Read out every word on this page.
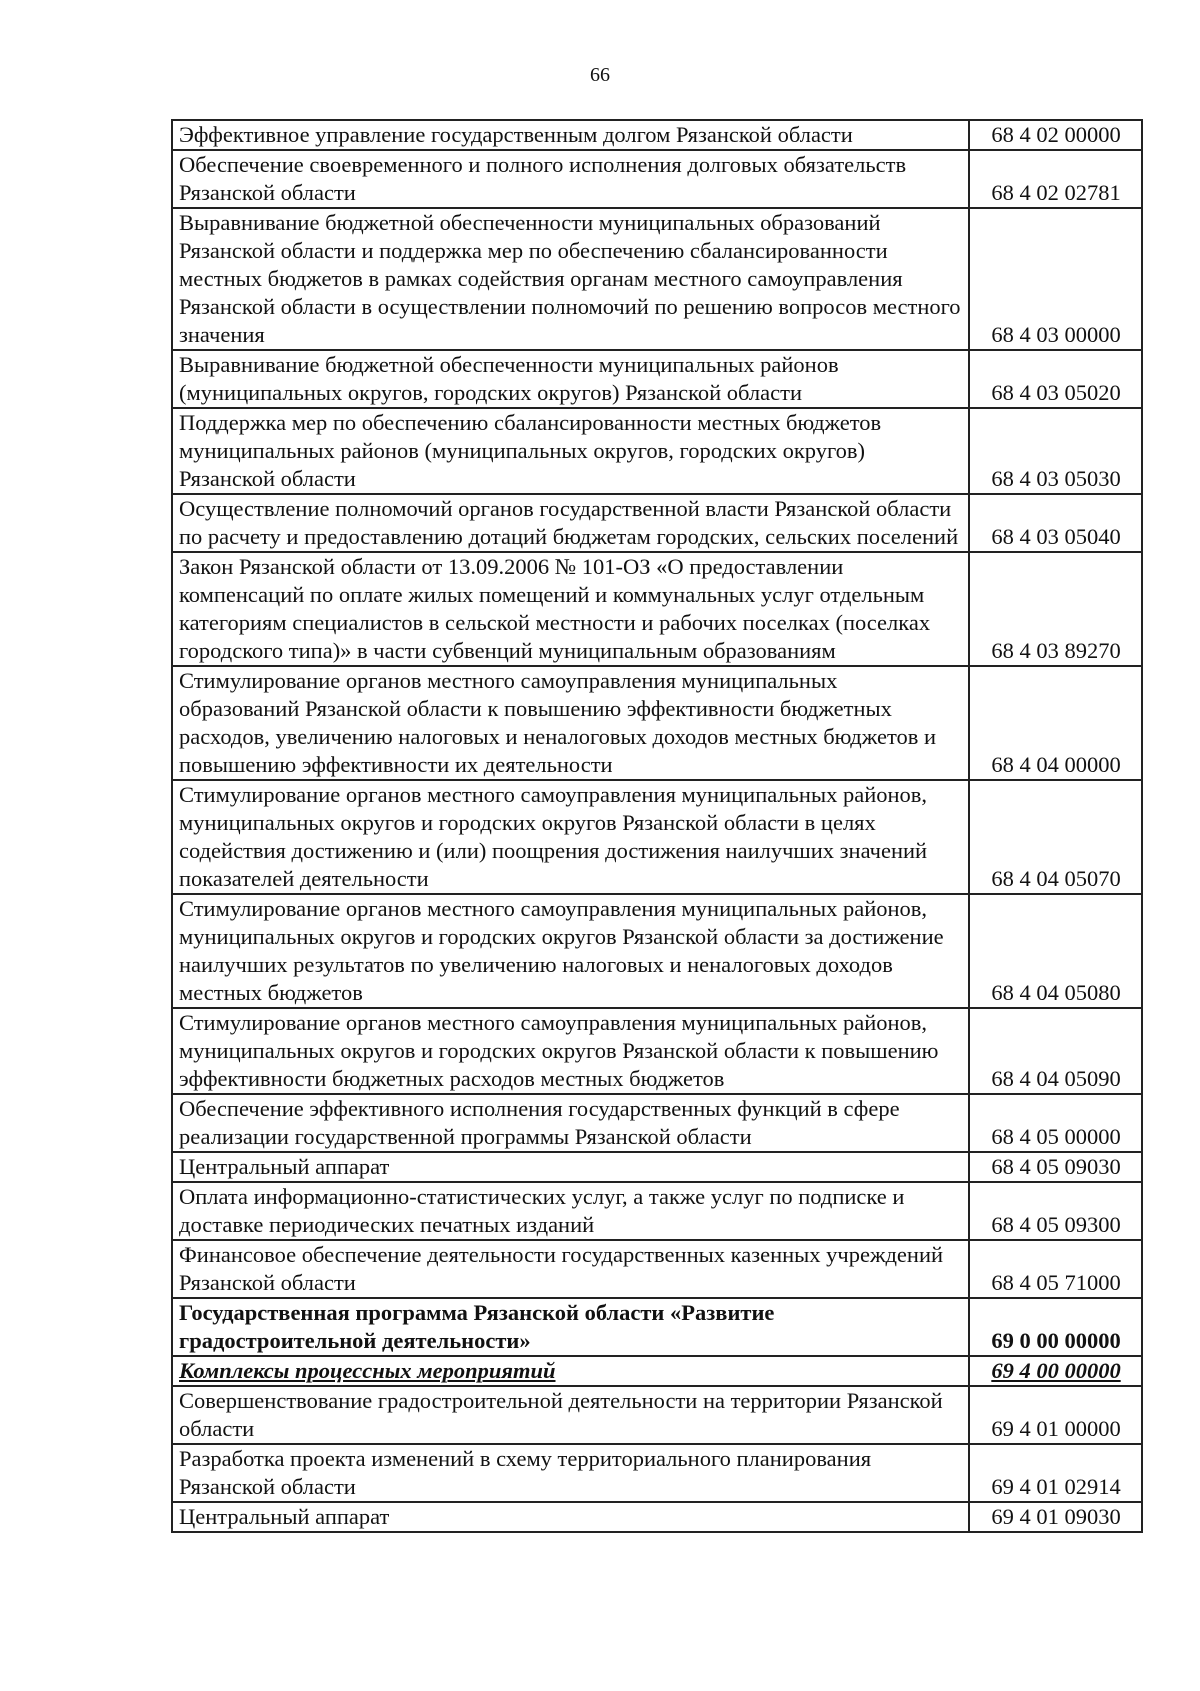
66
Эффективное управление государственным долгом Рязанской области	68 4 02 00000
Обеспечение своевременного и полного исполнения долговых обязательств Рязанской области	68 4 02 02781
Выравнивание бюджетной обеспеченности муниципальных образований Рязанской области и поддержка мер по обеспечению сбалансированности местных бюджетов в рамках содействия органам местного самоуправления Рязанской области в осуществлении полномочий по решению вопросов местного значения	68 4 03 00000
Выравнивание бюджетной обеспеченности муниципальных районов (муниципальных округов, городских округов) Рязанской области	68 4 03 05020
Поддержка мер по обеспечению сбалансированности местных бюджетов муниципальных районов (муниципальных округов, городских округов) Рязанской области	68 4 03 05030
Осуществление полномочий органов государственной власти Рязанской области по расчету и предоставлению дотаций бюджетам городских, сельских поселений	68 4 03 05040
Закон Рязанской области от 13.09.2006 № 101-ОЗ «О предоставлении компенсаций по оплате жилых помещений и коммунальных услуг отдельным категориям специалистов в сельской местности и рабочих поселках (поселках городского типа)» в части субвенций муниципальным образованиям	68 4 03 89270
Стимулирование органов местного самоуправления муниципальных образований Рязанской области к повышению эффективности бюджетных расходов, увеличению налоговых и неналоговых доходов местных бюджетов и повышению эффективности их деятельности	68 4 04 00000
Стимулирование органов местного самоуправления муниципальных районов, муниципальных округов и городских округов Рязанской области в целях содействия достижению и (или) поощрения достижения наилучших значений показателей деятельности	68 4 04 05070
Стимулирование органов местного самоуправления муниципальных районов, муниципальных округов и городских округов Рязанской области за достижение наилучших результатов по увеличению налоговых и неналоговых доходов местных бюджетов	68 4 04 05080
Стимулирование органов местного самоуправления муниципальных районов, муниципальных округов и городских округов Рязанской области к повышению эффективности бюджетных расходов местных бюджетов	68 4 04 05090
Обеспечение эффективного исполнения государственных функций в сфере реализации государственной программы Рязанской области	68 4 05 00000
Центральный аппарат	68 4 05 09030
Оплата информационно-статистических услуг, а также услуг по подписке и доставке периодических печатных изданий	68 4 05 09300
Финансовое обеспечение деятельности государственных казенных учреждений Рязанской области	68 4 05 71000
Государственная программа Рязанской области «Развитие градостроительной деятельности»	69 0 00 00000
Комплексы процессных мероприятий	69 4 00 00000
Совершенствование градостроительной деятельности на территории Рязанской области	69 4 01 00000
Разработка проекта изменений в схему территориального планирования Рязанской области	69 4 01 02914
Центральный аппарат	69 4 01 09030
